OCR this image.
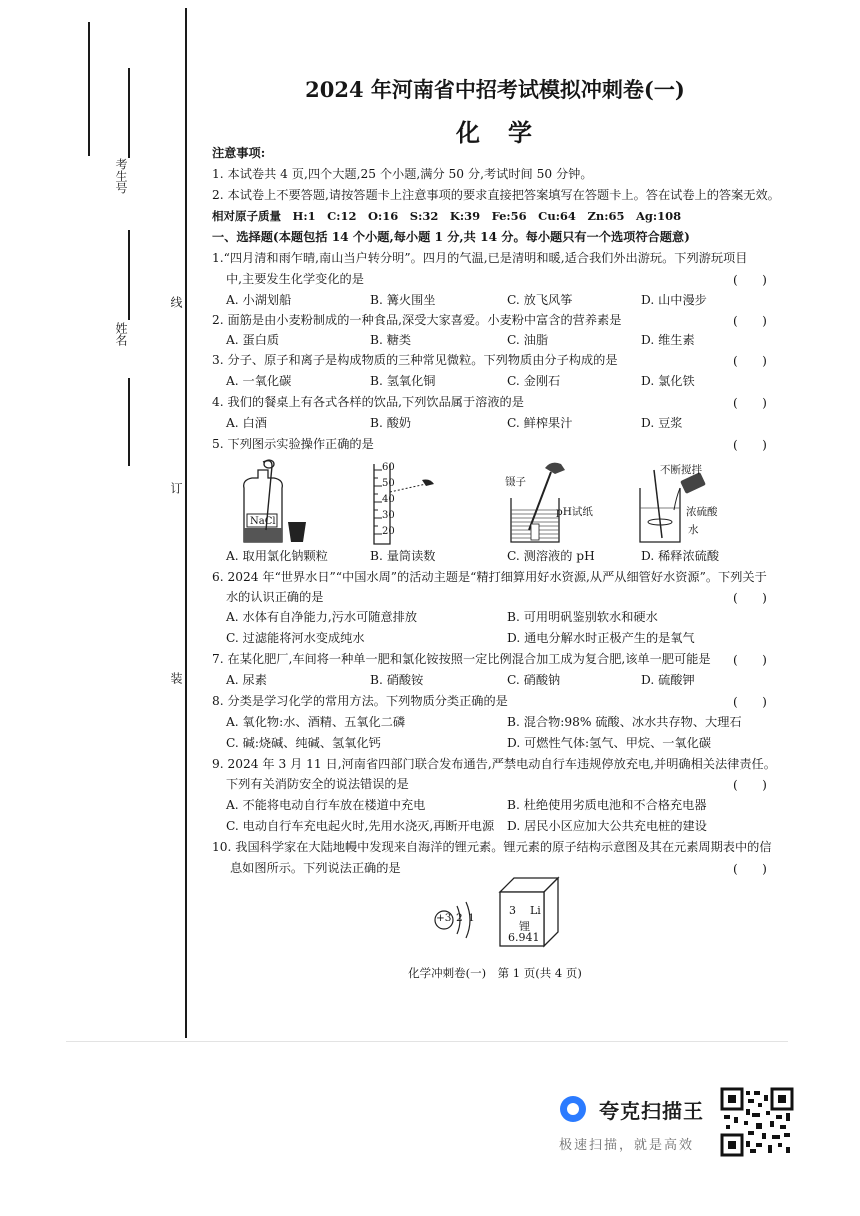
考生号
姓名
线
订
装
2024 年河南省中招考试模拟冲刺卷(一)
化　学
注意事项:
1. 本试卷共 4 页,四个大题,25 个小题,满分 50 分,考试时间 50 分钟。
2. 本试卷上不要答题,请按答题卡上注意事项的要求直接把答案填写在答题卡上。答在试卷上的答案无效。
相对原子质量　H:1　C:12　O:16　S:32　K:39　Fe:56　Cu:64　Zn:65　Ag:108
一、选择题(本题包括 14 个小题,每小题 1 分,共 14 分。每小题只有一个选项符合题意)
1.“四月清和雨乍晴,南山当户转分明”。四月的气温,已是清明和暖,适合我们外出游玩。下列游玩项目
中,主要发生化学变化的是	(　　)
A. 小湖划船	B. 篝火围坐	C. 放飞风筝	D. 山中漫步
2. 面筋是由小麦粉制成的一种食品,深受大家喜爱。小麦粉中富含的营养素是	(　　)
A. 蛋白质	B. 糖类	C. 油脂	D. 维生素
3. 分子、原子和离子是构成物质的三种常见微粒。下列物质由分子构成的是	(　　)
A. 一氧化碳	B. 氢氧化铜	C. 金刚石	D. 氯化铁
4. 我们的餐桌上有各式各样的饮品,下列饮品属于溶液的是	(　　)
A. 白酒	B. 酸奶	C. 鲜榨果汁	D. 豆浆
5. 下列图示实验操作正确的是	(　　)
NaCl
60
50
40
30
20
镊子
pH试纸
不断搅拌
浓硫酸
水
A. 取用氯化钠颗粒	B. 量筒读数	C. 测溶液的 pH	D. 稀释浓硫酸
6. 2024 年“世界水日”“中国水周”的活动主题是“精打细算用好水资源,从严从细管好水资源”。下列关于
水的认识正确的是	(　　)
A. 水体有自净能力,污水可随意排放	B. 可用明矾鉴别软水和硬水
C. 过滤能将河水变成纯水	D. 通电分解水时正极产生的是氧气
7. 在某化肥厂,车间将一种单一肥和氯化铵按照一定比例混合加工成为复合肥,该单一肥可能是 (　　)
A. 尿素	B. 硝酸铵	C. 硝酸钠	D. 硫酸钾
8. 分类是学习化学的常用方法。下列物质分类正确的是	(　　)
A. 氧化物:水、酒精、五氧化二磷	B. 混合物:98% 硫酸、冰水共存物、大理石
C. 碱:烧碱、纯碱、氢氧化钙	D. 可燃性气体:氢气、甲烷、一氧化碳
9. 2024 年 3 月 11 日,河南省四部门联合发布通告,严禁电动自行车违规停放充电,并明确相关法律责任。
下列有关消防安全的说法错误的是	(　　)
A. 不能将电动自行车放在楼道中充电	B. 杜绝使用劣质电池和不合格充电器
C. 电动自行车充电起火时,先用水浇灭,再断开电源 D. 居民小区应加大公共充电桩的建设
10. 我国科学家在大陆地幔中发现来自海洋的锂元素。锂元素的原子结构示意图及其在元素周期表中的信
息如图所示。下列说法正确的是	(　　)
+3 2 1
3 Li
锂
6.941
化学冲刺卷(一)　第 1 页(共 4 页)
夸克扫描王
极速扫描，就是高效
